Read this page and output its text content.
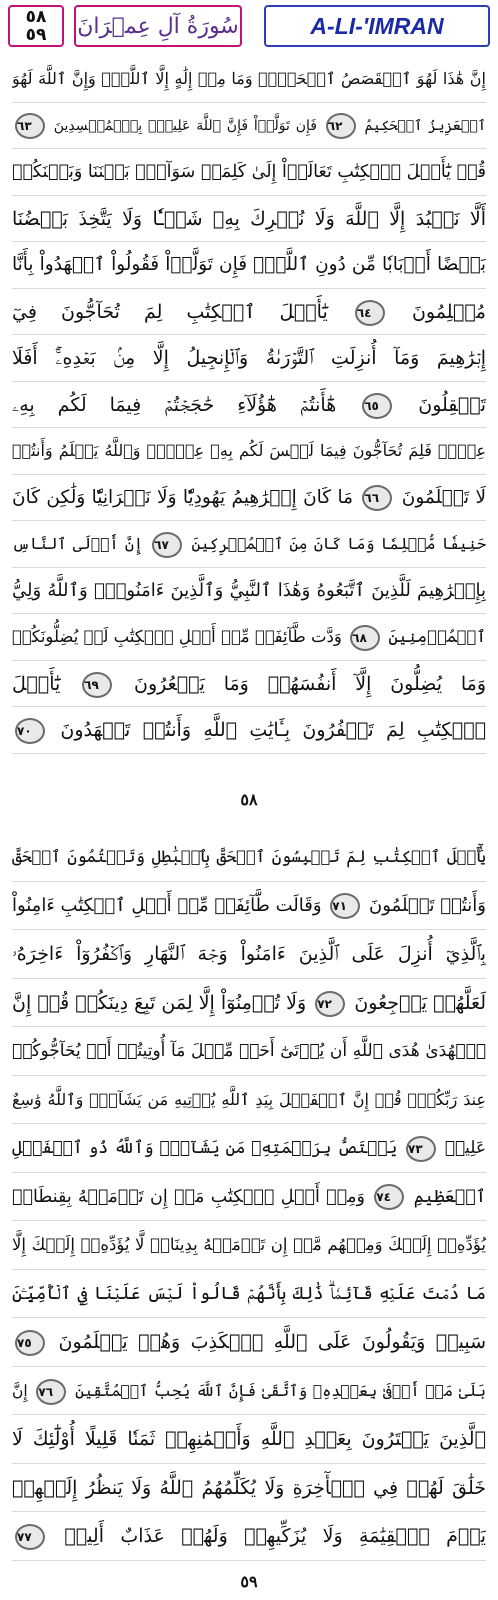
٥٨
٥٩ سُورَةُ آلِ عِمۡرَانَ	A-LI-'IMRAN
إِنَّ هَٰذَا لَهُوَ ٱلۡقَصَصُ ٱلۡحَقُّۚ وَمَا مِنۡ إِلَٰهٍ إِلَّا ٱللَّهُۚ وَإِنَّ ٱللَّهَ لَهُوَ
ٱلۡعَزِيزُ ٱلۡحَكِيمُ ٦٢ فَإِن تَوَلَّوۡاْ فَإِنَّ ٱللَّهَ عَلِيمُۢ بِٱلۡمُفۡسِدِينَ ٦٣
قُلۡ يَٰٓأَهۡلَ ٱلۡكِتَٰبِ تَعَالَوۡاْ إِلَىٰ كَلِمَةٖ سَوَآءِۭ بَيۡنَنَا وَبَيۡنَكُمۡ
أَلَّا نَعۡبُدَ إِلَّا ٱللَّهَ وَلَا نُشۡرِكَ بِهِۦ شَيۡـٔٗا وَلَا يَتَّخِذَ بَعۡضُنَا
بَعۡضًا أَرۡبَابٗا مِّن دُونِ ٱللَّهِۚ فَإِن تَوَلَّوۡاْ فَقُولُواْ ٱشۡهَدُواْ بِأَنَّا
مُسۡلِمُونَ ٦٤ يَٰٓأَهۡلَ ٱلۡكِتَٰبِ لِمَ تُحَآجُّونَ فِيٓ
إِبۡرَٰهِيمَ وَمَآ أُنزِلَتِ ٱلتَّوۡرَىٰةُ وَٱلۡإِنجِيلُ إِلَّا مِنۢ بَعۡدِهِۦٓۚ أَفَلَا
تَعۡقِلُونَ ٦٥ هَٰٓأَنتُمۡ هَٰٓؤُلَآءِ حَٰجَجۡتُمۡ فِيمَا لَكُم بِهِۦ
عِلۡمٞ فَلِمَ تُحَآجُّونَ فِيمَا لَيۡسَ لَكُم بِهِۦ عِلۡمٞۚ وَٱللَّهُ يَعۡلَمُ وَأَنتُمۡ
لَا تَعۡلَمُونَ ٦٦ مَا كَانَ إِبۡرَٰهِيمُ يَهُودِيّٗا وَلَا نَصۡرَانِيّٗا وَلَٰكِن كَانَ
حَنِيفٗا مُّسۡلِمٗا وَمَا كَانَ مِنَ ٱلۡمُشۡرِكِينَ ٦٧ إِنَّ أَوۡلَى ٱلنَّاسِ
بِإِبۡرَٰهِيمَ لَلَّذِينَ ٱتَّبَعُوهُ وَهَٰذَا ٱلنَّبِيُّ وَٱلَّذِينَ ءَامَنُواْۗ وَٱللَّهُ وَلِيُّ
ٱلۡمُؤۡمِنِينَ ٦٨ وَدَّت طَّآئِفَةٞ مِّنۡ أَهۡلِ ٱلۡكِتَٰبِ لَوۡ يُضِلُّونَكُمۡ
وَمَا يُضِلُّونَ إِلَّآ أَنفُسَهُمۡ وَمَا يَشۡعُرُونَ ٦٩ يَٰٓأَهۡلَ
ٱلۡكِتَٰبِ لِمَ تَكۡفُرُونَ بِـَٔايَٰتِ ٱللَّهِ وَأَنتُمۡ تَشۡهَدُونَ ٧٠
٥٨
يَٰٓأَهۡلَ ٱلۡكِتَٰبِ لِمَ تَلۡبِسُونَ ٱلۡحَقَّ بِٱلۡبَٰطِلِ وَتَكۡتُمُونَ ٱلۡحَقَّ
وَأَنتُمۡ تَعۡلَمُونَ ٧١ وَقَالَت طَّآئِفَةٞ مِّنۡ أَهۡلِ ٱلۡكِتَٰبِ ءَامِنُواْ
بِٱلَّذِيٓ أُنزِلَ عَلَى ٱلَّذِينَ ءَامَنُواْ وَجۡهَ ٱلنَّهَارِ وَٱكۡفُرُوٓاْ ءَاخِرَهُۥ
لَعَلَّهُمۡ يَرۡجِعُونَ ٧٢ وَلَا تُؤۡمِنُوٓاْ إِلَّا لِمَن تَبِعَ دِينَكُمۡ قُلۡ إِنَّ
ٱلۡهُدَىٰ هُدَى ٱللَّهِ أَن يُؤۡتَىٰٓ أَحَدٞ مِّثۡلَ مَآ أُوتِيتُمۡ أَوۡ يُحَآجُّوكُمۡ
عِندَ رَبِّكُمۡۗ قُلۡ إِنَّ ٱلۡفَضۡلَ بِيَدِ ٱللَّهِ يُؤۡتِيهِ مَن يَشَآءُۗ وَٱللَّهُ وَٰسِعٌ
عَلِيمٞ ٧٣ يَخۡتَصُّ بِرَحۡمَتِهِۦ مَن يَشَآءُۗ وَٱللَّهُ ذُو ٱلۡفَضۡلِ
ٱلۡعَظِيمِ ٧٤ وَمِنۡ أَهۡلِ ٱلۡكِتَٰبِ مَنۡ إِن تَأۡمَنۡهُ بِقِنطَارٖ
يُؤَدِّهِۦٓ إِلَيۡكَ وَمِنۡهُم مَّنۡ إِن تَأۡمَنۡهُ بِدِينَارٖ لَّا يُؤَدِّهِۦٓ إِلَيۡكَ إِلَّا
مَا دُمۡتَ عَلَيۡهِ قَآئِمٗاۗ ذَٰلِكَ بِأَنَّهُمۡ قَالُواْ لَيۡسَ عَلَيۡنَا فِي ٱلۡأُمِّيِّـۧنَ
سَبِيلٞ وَيَقُولُونَ عَلَى ٱللَّهِ ٱلۡكَذِبَ وَهُمۡ يَعۡلَمُونَ ٧٥
بَلَىٰ مَنۡ أَوۡفَىٰ بِعَهۡدِهِۦ وَٱتَّقَىٰ فَإِنَّ ٱللَّهَ يُحِبُّ ٱلۡمُتَّقِينَ ٧٦ إِنَّ
ٱلَّذِينَ يَشۡتَرُونَ بِعَهۡدِ ٱللَّهِ وَأَيۡمَٰنِهِمۡ ثَمَنٗا قَلِيلًا أُوْلَٰٓئِكَ لَا
خَلَٰقَ لَهُمۡ فِي ٱلۡأٓخِرَةِ وَلَا يُكَلِّمُهُمُ ٱللَّهُ وَلَا يَنظُرُ إِلَيۡهِمۡ
يَوۡمَ ٱلۡقِيَٰمَةِ وَلَا يُزَكِّيهِمۡ وَلَهُمۡ عَذَابٌ أَلِيمٞ ٧٧
٥٩
